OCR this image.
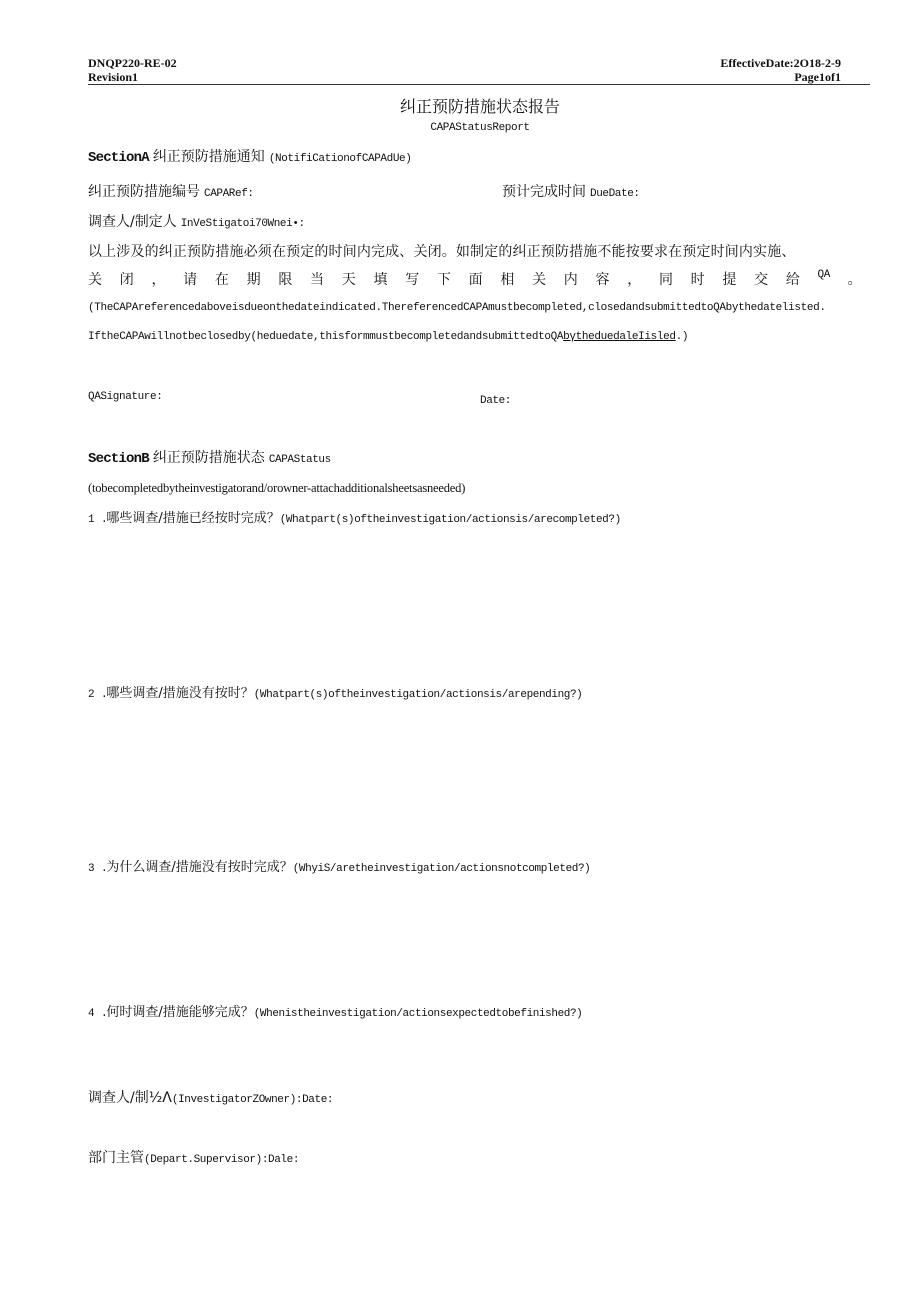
DNQP220-RE-02
Revision1
EffectiveDate:2O18-2-9
Page1of1
纠正预防措施状态报告
CAPAStatusReport
SectionA 纠正预防措施通知 (NotifiCationofCAPAdUe)
纠正预防措施编号 CAPARef:	预计完成时间 DueDate:
调查人/制定人 InVeStigatoi70Wnei•:
以上涉及的纠正预防措施必须在预定的时间内完成、关闭。如制定的纠正预防措施不能按要求在预定时间内实施、
关 闭 ， 请 在 期 限 当 天 填 写 下 面 相 关 内 容 ， 同 时 提 交 给 QA 。
(TheCAPAreferencedaboveisdueonthedateindicated.ThereferencedCAPAmustbecompleted,closedandsubmittedtoQAbythedatelisted.
IftheCAPAwillnotbeclosedby(heduedate,thisformmustbecompletedandsubmittedtoQAbγtheduedaleIisled.)
QASignature:	Date:
SectionB 纠正预防措施状态 CAPAStatus
(tobecompletedbytheinvestigatorand/orowner-attachadditionalsheetsasneeded)
1 .哪些调查/措施已经按时完成？(Whatpart(s)oftheinvestigation/actionsis/arecompleted?)
2 .哪些调查/措施没有按时？(Whatpart(s)oftheinvestigation/actionsis/arepending?)
3 .为什么调查/措施没有按时完成？(WhyiS/aretheinvestigation/actionsnotcompleted?)
4 .何时调查/措施能够完成？(Whenistheinvestigation/actionsexpectedtobefinished?)
调查人/制½Λ(InvestigatorZOwner):Date:
部门主管(Depart.Supervisor):Dale:
